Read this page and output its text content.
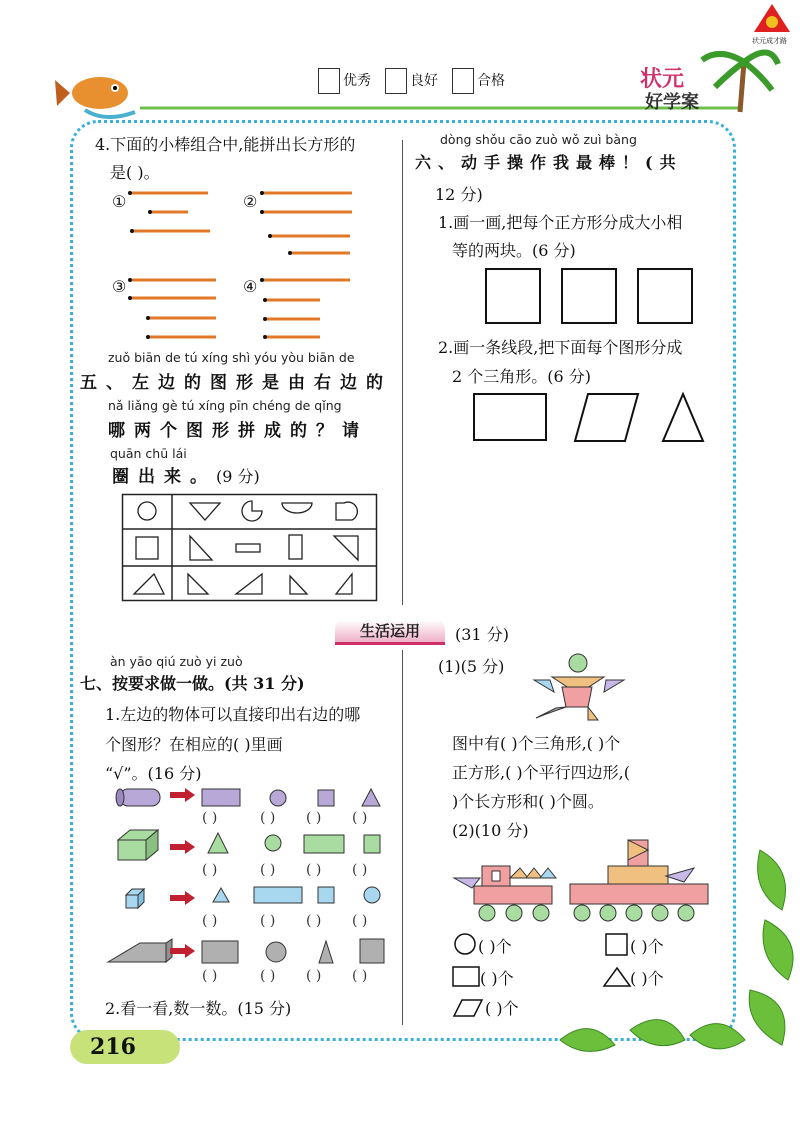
优秀	良好	合格	状元
好学案
状元成才路
4.下面的小棒组合中,能拼出长方形的
是( )。
①	②
③	④
zuǒ biān de tú xíng shì yóu yòu biān de
五、左边的图形是由右边的
nǎ liǎng gè tú xíng pīn chéng de qǐng
哪两个图形拼成的？请
quān chū lái
圈出来。(9 分)
dòng shǒu cāo zuò wǒ zuì bàng
六、动手操作我最棒！(共
12 分)
1.画一画,把每个正方形分成大小相
等的两块。(6 分)
2.画一条线段,把下面每个图形分成
2 个三角形。(6 分)
生活运用	(31 分)
àn yāo qiú zuò yi zuò
七、按要求做一做。(共 31 分)
1.左边的物体可以直接印出右边的哪
个图形？在相应的( )里画
“√”。(16 分)
( )	( ) ( ) ( )
( )	( ) ( ) ( )
( )	( ) ( ) ( )
( )	( ) ( ) ( )
2.看一看,数一数。(15 分)
(1)(5 分)
图中有( )个三角形,( )个
正方形,( )个平行四边形,(
)个长方形和( )个圆。
(2)(10 分)
( )个	( )个
( )个	( )个
( )个
216
